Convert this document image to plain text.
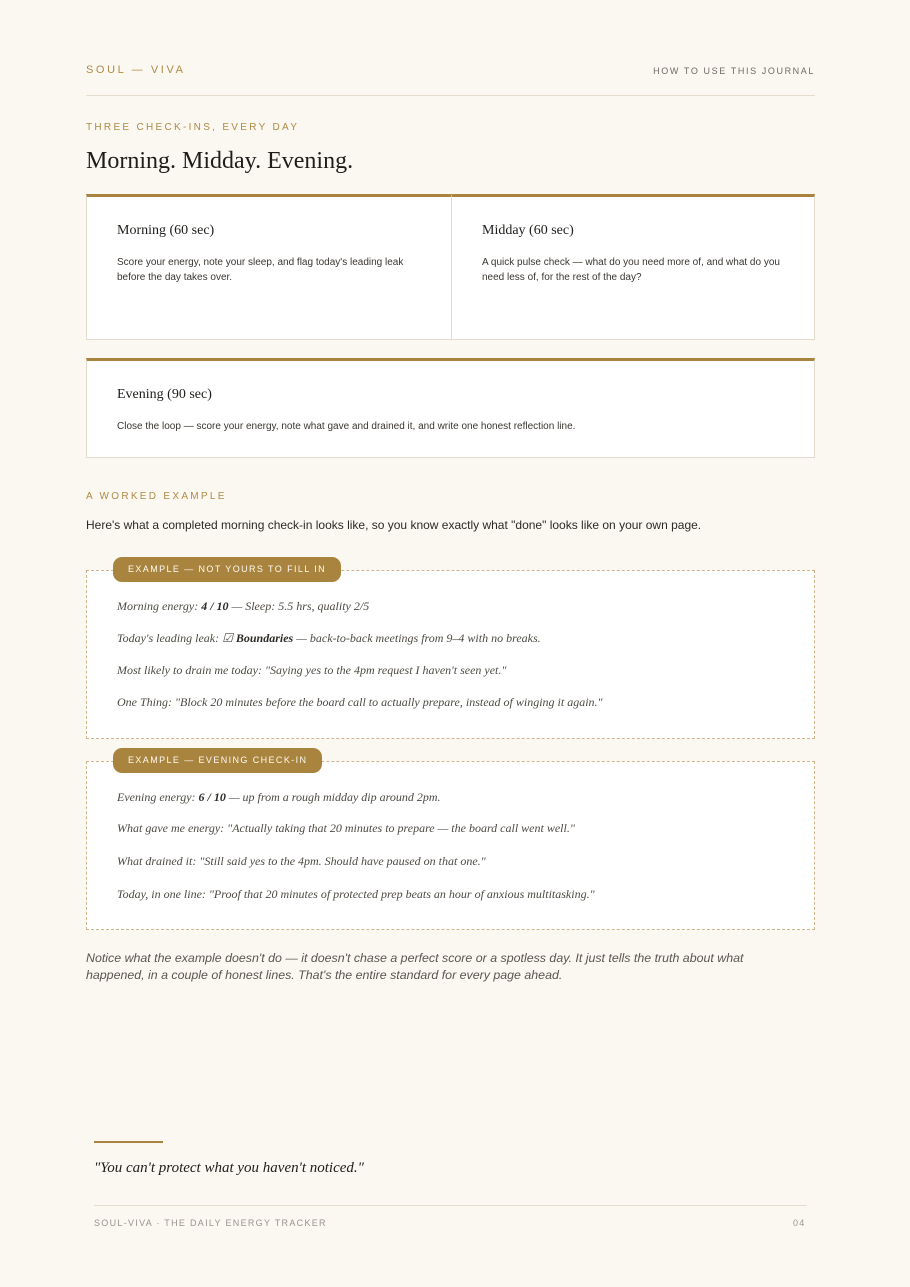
SOUL — VIVA	HOW TO USE THIS JOURNAL
THREE CHECK-INS, EVERY DAY
Morning. Midday. Evening.
Morning (60 sec)
Score your energy, note your sleep, and flag today's leading leak before the day takes over.
Midday (60 sec)
A quick pulse check — what do you need more of, and what do you need less of, for the rest of the day?
Evening (90 sec)
Close the loop — score your energy, note what gave and drained it, and write one honest reflection line.
A WORKED EXAMPLE
Here's what a completed morning check-in looks like, so you know exactly what "done" looks like on your own page.
EXAMPLE — NOT YOURS TO FILL IN
Morning energy: 4 / 10 — Sleep: 5.5 hrs, quality 2/5
Today's leading leak: ☑ Boundaries — back-to-back meetings from 9–4 with no breaks.
Most likely to drain me today: "Saying yes to the 4pm request I haven't seen yet."
One Thing: "Block 20 minutes before the board call to actually prepare, instead of winging it again."
EXAMPLE — EVENING CHECK-IN
Evening energy: 6 / 10 — up from a rough midday dip around 2pm.
What gave me energy: "Actually taking that 20 minutes to prepare — the board call went well."
What drained it: "Still said yes to the 4pm. Should have paused on that one."
Today, in one line: "Proof that 20 minutes of protected prep beats an hour of anxious multitasking."
Notice what the example doesn't do — it doesn't chase a perfect score or a spotless day. It just tells the truth about what happened, in a couple of honest lines. That's the entire standard for every page ahead.
"You can't protect what you haven't noticed."
SOUL-VIVA · THE DAILY ENERGY TRACKER	04
